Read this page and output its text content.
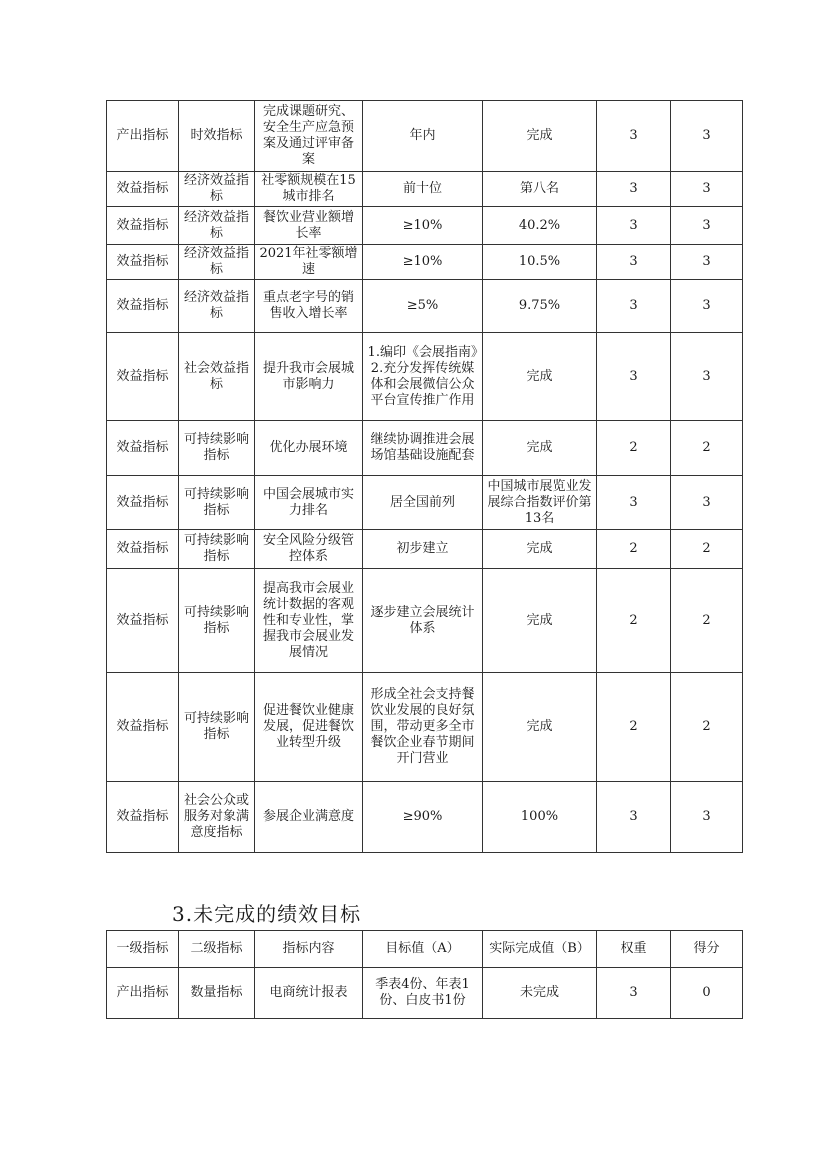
产出指标	时效指标	完成课题研究、安全生产应急预案及通过评审备案	年内	完成	3	3
效益指标	经济效益指标	社零额规模在15城市排名	前十位	第八名	3	3
效益指标	经济效益指标	餐饮业营业额增长率	≥10%	40.2%	3	3
效益指标	经济效益指标	2021年社零额增速	≥10%	10.5%	3	3
效益指标	经济效益指标	重点老字号的销售收入增长率	≥5%	9.75%	3	3
效益指标	社会效益指标	提升我市会展城市影响力	1.编印《会展指南》2.充分发挥传统媒体和会展微信公众平台宣传推广作用	完成	3	3
效益指标	可持续影响指标	优化办展环境	继续协调推进会展场馆基础设施配套	完成	2	2
效益指标	可持续影响指标	中国会展城市实力排名	居全国前列	中国城市展览业发展综合指数评价第13名	3	3
效益指标	可持续影响指标	安全风险分级管控体系	初步建立	完成	2	2
效益指标	可持续影响指标	提高我市会展业统计数据的客观性和专业性，掌握我市会展业发展情况	逐步建立会展统计体系	完成	2	2
效益指标	可持续影响指标	促进餐饮业健康发展，促进餐饮业转型升级	形成全社会支持餐饮业发展的良好氛围，带动更多全市餐饮企业春节期间开门营业	完成	2	2
效益指标	社会公众或服务对象满意度指标	参展企业满意度	≥90%	100%	3	3
3.未完成的绩效目标
一级指标	二级指标	指标内容	目标值（A）	实际完成值（B）	权重	得分
产出指标	数量指标	电商统计报表	季表4份、年表1份、白皮书1份	未完成	3	0
